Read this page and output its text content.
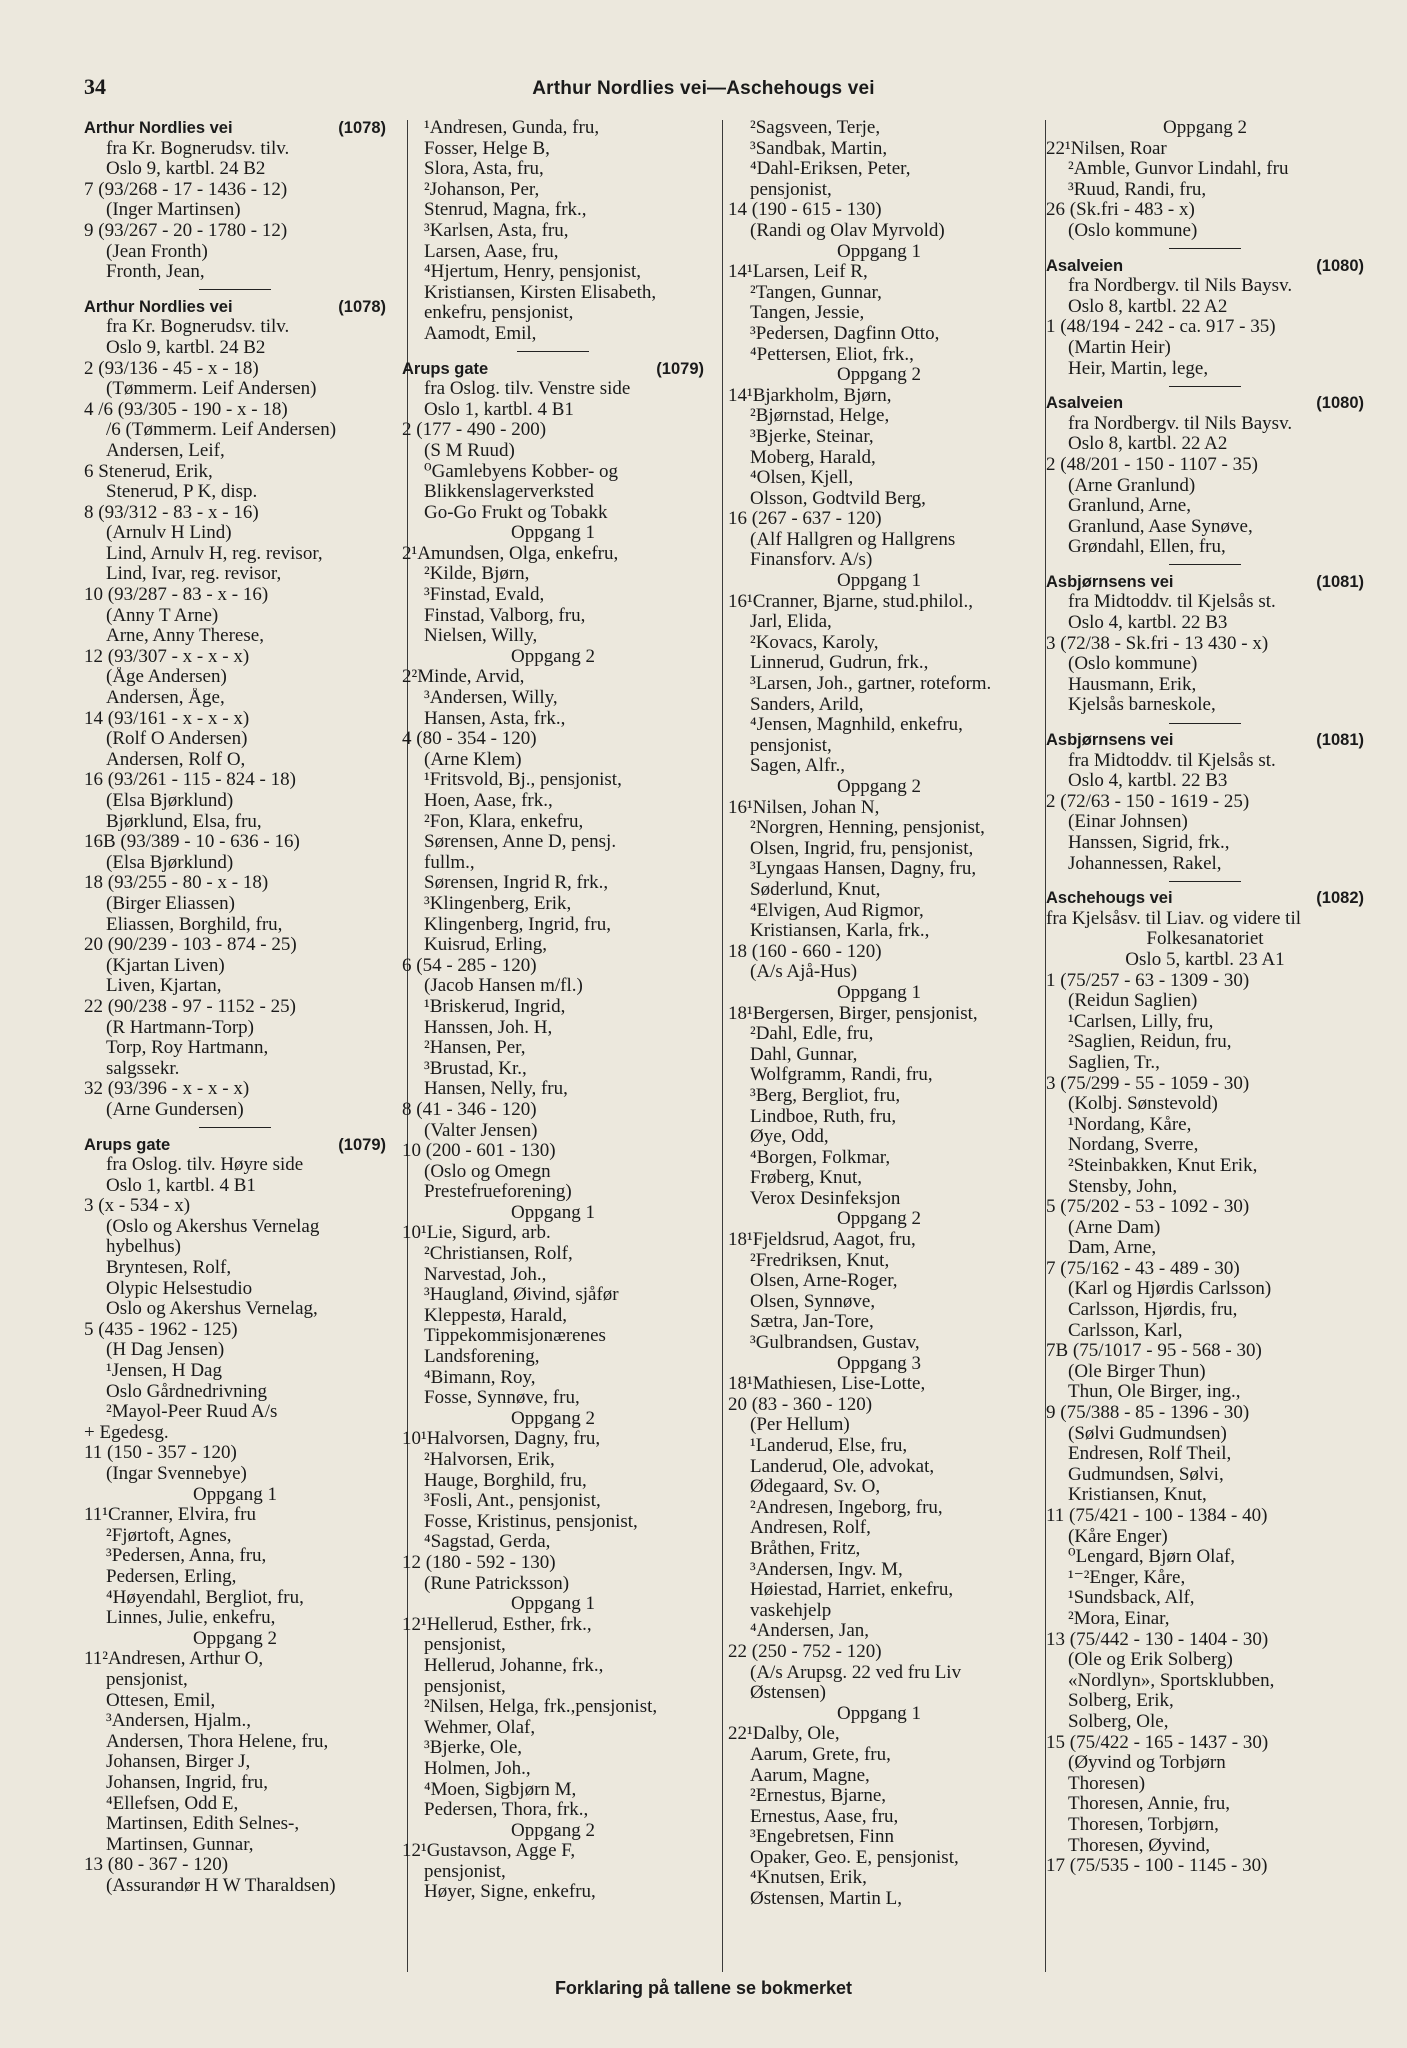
34	Arthur Nordlies vei—Aschehougs vei
Arthur Nordlies vei	(1078)
fra Kr. Bognerudsv. tilv.
Oslo 9, kartbl. 24 B2
7 (93/268 - 17 - 1436 - 12)
(Inger Martinsen)
9 (93/267 - 20 - 1780 - 12)
(Jean Fronth)
Fronth, Jean,
Arthur Nordlies vei	(1078)
fra Kr. Bognerudsv. tilv.
Oslo 9, kartbl. 24 B2
2 (93/136 - 45 - x - 18)
(Tømmerm. Leif Andersen)
4 /6 (93/305 - 190 - x - 18)
/6 (Tømmerm. Leif Andersen)
Andersen, Leif,
6 Stenerud, Erik,
Stenerud, P K, disp.
8 (93/312 - 83 - x - 16)
(Arnulv H Lind)
Lind, Arnulv H, reg. revisor,
Lind, Ivar, reg. revisor,
10 (93/287 - 83 - x - 16)
(Anny T Arne)
Arne, Anny Therese,
12 (93/307 - x - x - x)
(Åge Andersen)
Andersen, Åge,
14 (93/161 - x - x - x)
(Rolf O Andersen)
Andersen, Rolf O,
16 (93/261 - 115 - 824 - 18)
(Elsa Bjørklund)
Bjørklund, Elsa, fru,
16B (93/389 - 10 - 636 - 16)
(Elsa Bjørklund)
18 (93/255 - 80 - x - 18)
(Birger Eliassen)
Eliassen, Borghild, fru,
20 (90/239 - 103 - 874 - 25)
(Kjartan Liven)
Liven, Kjartan,
22 (90/238 - 97 - 1152 - 25)
(R Hartmann-Torp)
Torp, Roy Hartmann,
salgssekr.
32 (93/396 - x - x - x)
(Arne Gundersen)
Arups gate	(1079)
fra Oslog. tilv. Høyre side
Oslo 1, kartbl. 4 B1
3 (x - 534 - x)
(Oslo og Akershus Vernelag
hybelhus)
Bryntesen, Rolf,
Olypic Helsestudio
Oslo og Akershus Vernelag,
5 (435 - 1962 - 125)
(H Dag Jensen)
¹Jensen, H Dag
Oslo Gårdnedrivning
²Mayol-Peer Ruud A/s
+ Egedesg.
11 (150 - 357 - 120)
(Ingar Svennebye)
Oppgang 1
11¹Cranner, Elvira, fru
²Fjørtoft, Agnes,
³Pedersen, Anna, fru,
Pedersen, Erling,
⁴Høyendahl, Bergliot, fru,
Linnes, Julie, enkefru,
Oppgang 2
11²Andresen, Arthur O,
pensjonist,
Ottesen, Emil,
³Andersen, Hjalm.,
Andersen, Thora Helene, fru,
Johansen, Birger J,
Johansen, Ingrid, fru,
⁴Ellefsen, Odd E,
Martinsen, Edith Selnes-,
Martinsen, Gunnar,
13 (80 - 367 - 120)
(Assurandør H W Tharaldsen)
¹Andresen, Gunda, fru,
Fosser, Helge B,
Slora, Asta, fru,
²Johanson, Per,
Stenrud, Magna, frk.,
³Karlsen, Asta, fru,
Larsen, Aase, fru,
⁴Hjertum, Henry, pensjonist,
Kristiansen, Kirsten Elisabeth,
enkefru, pensjonist,
Aamodt, Emil,
Arups gate	(1079)
fra Oslog. tilv. Venstre side
Oslo 1, kartbl. 4 B1
2 (177 - 490 - 200)
(S M Ruud)
⁰Gamlebyens Kobber- og
Blikkenslagerverksted
Go-Go Frukt og Tobakk
Oppgang 1
2¹Amundsen, Olga, enkefru,
²Kilde, Bjørn,
³Finstad, Evald,
Finstad, Valborg, fru,
Nielsen, Willy,
Oppgang 2
2²Minde, Arvid,
³Andersen, Willy,
Hansen, Asta, frk.,
4 (80 - 354 - 120)
(Arne Klem)
¹Fritsvold, Bj., pensjonist,
Hoen, Aase, frk.,
²Fon, Klara, enkefru,
Sørensen, Anne D, pensj.
fullm.,
Sørensen, Ingrid R, frk.,
³Klingenberg, Erik,
Klingenberg, Ingrid, fru,
Kuisrud, Erling,
6 (54 - 285 - 120)
(Jacob Hansen m/fl.)
¹Briskerud, Ingrid,
Hanssen, Joh. H,
²Hansen, Per,
³Brustad, Kr.,
Hansen, Nelly, fru,
8 (41 - 346 - 120)
(Valter Jensen)
10 (200 - 601 - 130)
(Oslo og Omegn
Prestefrueforening)
Oppgang 1
10¹Lie, Sigurd, arb.
²Christiansen, Rolf,
Narvestad, Joh.,
³Haugland, Øivind, sjåfør
Kleppestø, Harald,
Tippekommisjonærenes
Landsforening,
⁴Bimann, Roy,
Fosse, Synnøve, fru,
Oppgang 2
10¹Halvorsen, Dagny, fru,
²Halvorsen, Erik,
Hauge, Borghild, fru,
³Fosli, Ant., pensjonist,
Fosse, Kristinus, pensjonist,
⁴Sagstad, Gerda,
12 (180 - 592 - 130)
(Rune Patricksson)
Oppgang 1
12¹Hellerud, Esther, frk.,
pensjonist,
Hellerud, Johanne, frk.,
pensjonist,
²Nilsen, Helga, frk.,pensjonist,
Wehmer, Olaf,
³Bjerke, Ole,
Holmen, Joh.,
⁴Moen, Sigbjørn M,
Pedersen, Thora, frk.,
Oppgang 2
12¹Gustavson, Agge F,
pensjonist,
Høyer, Signe, enkefru,
²Sagsveen, Terje,
³Sandbak, Martin,
⁴Dahl-Eriksen, Peter,
pensjonist,
14 (190 - 615 - 130)
(Randi og Olav Myrvold)
Oppgang 1
14¹Larsen, Leif R,
²Tangen, Gunnar,
Tangen, Jessie,
³Pedersen, Dagfinn Otto,
⁴Pettersen, Eliot, frk.,
Oppgang 2
14¹Bjarkholm, Bjørn,
²Bjørnstad, Helge,
³Bjerke, Steinar,
Moberg, Harald,
⁴Olsen, Kjell,
Olsson, Godtvild Berg,
16 (267 - 637 - 120)
(Alf Hallgren og Hallgrens
Finansforv. A/s)
Oppgang 1
16¹Cranner, Bjarne, stud.philol.,
Jarl, Elida,
²Kovacs, Karoly,
Linnerud, Gudrun, frk.,
³Larsen, Joh., gartner, roteform.
Sanders, Arild,
⁴Jensen, Magnhild, enkefru,
pensjonist,
Sagen, Alfr.,
Oppgang 2
16¹Nilsen, Johan N,
²Norgren, Henning, pensjonist,
Olsen, Ingrid, fru, pensjonist,
³Lyngaas Hansen, Dagny, fru,
Søderlund, Knut,
⁴Elvigen, Aud Rigmor,
Kristiansen, Karla, frk.,
18 (160 - 660 - 120)
(A/s Ajå-Hus)
Oppgang 1
18¹Bergersen, Birger, pensjonist,
²Dahl, Edle, fru,
Dahl, Gunnar,
Wolfgramm, Randi, fru,
³Berg, Bergliot, fru,
Lindboe, Ruth, fru,
Øye, Odd,
⁴Borgen, Folkmar,
Frøberg, Knut,
Verox Desinfeksjon
Oppgang 2
18¹Fjeldsrud, Aagot, fru,
²Fredriksen, Knut,
Olsen, Arne-Roger,
Olsen, Synnøve,
Sætra, Jan-Tore,
³Gulbrandsen, Gustav,
Oppgang 3
18¹Mathiesen, Lise-Lotte,
20 (83 - 360 - 120)
(Per Hellum)
¹Landerud, Else, fru,
Landerud, Ole, advokat,
Ødegaard, Sv. O,
²Andresen, Ingeborg, fru,
Andresen, Rolf,
Bråthen, Fritz,
³Andersen, Ingv. M,
Høiestad, Harriet, enkefru,
vaskehjelp
⁴Andersen, Jan,
22 (250 - 752 - 120)
(A/s Arupsg. 22 ved fru Liv
Østensen)
Oppgang 1
22¹Dalby, Ole,
Aarum, Grete, fru,
Aarum, Magne,
²Ernestus, Bjarne,
Ernestus, Aase, fru,
³Engebretsen, Finn
Opaker, Geo. E, pensjonist,
⁴Knutsen, Erik,
Østensen, Martin L,
Oppgang 2
22¹Nilsen, Roar
²Amble, Gunvor Lindahl, fru
³Ruud, Randi, fru,
26 (Sk.fri - 483 - x)
(Oslo kommune)
Asalveien	(1080)
fra Nordbergv. til Nils Baysv.
Oslo 8, kartbl. 22 A2
1 (48/194 - 242 - ca. 917 - 35)
(Martin Heir)
Heir, Martin, lege,
Asalveien	(1080)
fra Nordbergv. til Nils Baysv.
Oslo 8, kartbl. 22 A2
2 (48/201 - 150 - 1107 - 35)
(Arne Granlund)
Granlund, Arne,
Granlund, Aase Synøve,
Grøndahl, Ellen, fru,
Asbjørnsens vei	(1081)
fra Midtoddv. til Kjelsås st.
Oslo 4, kartbl. 22 B3
3 (72/38 - Sk.fri - 13 430 - x)
(Oslo kommune)
Hausmann, Erik,
Kjelsås barneskole,
Asbjørnsens vei	(1081)
fra Midtoddv. til Kjelsås st.
Oslo 4, kartbl. 22 B3
2 (72/63 - 150 - 1619 - 25)
(Einar Johnsen)
Hanssen, Sigrid, frk.,
Johannessen, Rakel,
Aschehougs vei	(1082)
fra Kjelsåsv. til Liav. og videre til
Folkesanatoriet
Oslo 5, kartbl. 23 A1
1 (75/257 - 63 - 1309 - 30)
(Reidun Saglien)
¹Carlsen, Lilly, fru,
²Saglien, Reidun, fru,
Saglien, Tr.,
3 (75/299 - 55 - 1059 - 30)
(Kolbj. Sønstevold)
¹Nordang, Kåre,
Nordang, Sverre,
²Steinbakken, Knut Erik,
Stensby, John,
5 (75/202 - 53 - 1092 - 30)
(Arne Dam)
Dam, Arne,
7 (75/162 - 43 - 489 - 30)
(Karl og Hjørdis Carlsson)
Carlsson, Hjørdis, fru,
Carlsson, Karl,
7B (75/1017 - 95 - 568 - 30)
(Ole Birger Thun)
Thun, Ole Birger, ing.,
9 (75/388 - 85 - 1396 - 30)
(Sølvi Gudmundsen)
Endresen, Rolf Theil,
Gudmundsen, Sølvi,
Kristiansen, Knut,
11 (75/421 - 100 - 1384 - 40)
(Kåre Enger)
⁰Lengard, Bjørn Olaf,
¹⁻²Enger, Kåre,
¹Sundsback, Alf,
²Mora, Einar,
13 (75/442 - 130 - 1404 - 30)
(Ole og Erik Solberg)
«Nordlyn», Sportsklubben,
Solberg, Erik,
Solberg, Ole,
15 (75/422 - 165 - 1437 - 30)
(Øyvind og Torbjørn
Thoresen)
Thoresen, Annie, fru,
Thoresen, Torbjørn,
Thoresen, Øyvind,
17 (75/535 - 100 - 1145 - 30)
Forklaring på tallene se bokmerket
